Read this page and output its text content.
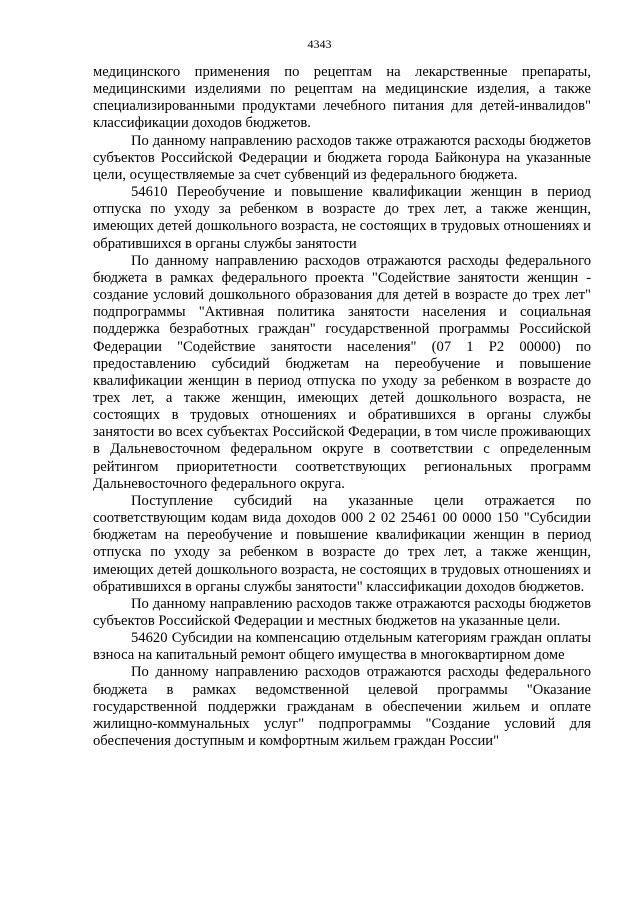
4343

медицинского применения по рецептам на лекарственные препараты, медицинскими изделиями по рецептам на медицинские изделия, а также специализированными продуктами лечебного питания для детей-инвалидов" классификации доходов бюджетов.

По данному направлению расходов также отражаются расходы бюджетов субъектов Российской Федерации и бюджета города Байконура на указанные цели, осуществляемые за счет субвенций из федерального бюджета.

54610 Переобучение и повышение квалификации женщин в период отпуска по уходу за ребенком в возрасте до трех лет, а также женщин, имеющих детей дошкольного возраста, не состоящих в трудовых отношениях и обратившихся в органы службы занятости

По данному направлению расходов отражаются расходы федерального бюджета в рамках федерального проекта "Содействие занятости женщин - создание условий дошкольного образования для детей в возрасте до трех лет" подпрограммы "Активная политика занятости населения и социальная поддержка безработных граждан" государственной программы Российской Федерации "Содействие занятости населения" (07 1 P2 00000) по предоставлению субсидий бюджетам на переобучение и повышение квалификации женщин в период отпуска по уходу за ребенком в возрасте до трех лет, а также женщин, имеющих детей дошкольного возраста, не состоящих в трудовых отношениях и обратившихся в органы службы занятости во всех субъектах Российской Федерации, в том числе проживающих в Дальневосточном федеральном округе в соответствии с определенным рейтингом приоритетности соответствующих региональных программ Дальневосточного федерального округа.

Поступление субсидий на указанные цели отражается по соответствующим кодам вида доходов 000 2 02 25461 00 0000 150 "Субсидии бюджетам на переобучение и повышение квалификации женщин в период отпуска по уходу за ребенком в возрасте до трех лет, а также женщин, имеющих детей дошкольного возраста, не состоящих в трудовых отношениях и обратившихся в органы службы занятости" классификации доходов бюджетов.

По данному направлению расходов также отражаются расходы бюджетов субъектов Российской Федерации и местных бюджетов на указанные цели.

54620 Субсидии на компенсацию отдельным категориям граждан оплаты взноса на капитальный ремонт общего имущества в многоквартирном доме

По данному направлению расходов отражаются расходы федерального бюджета в рамках ведомственной целевой программы "Оказание государственной поддержки гражданам в обеспечении жильем и оплате жилищно-коммунальных услуг" подпрограммы "Создание условий для обеспечения доступным и комфортным жильем граждан России"
